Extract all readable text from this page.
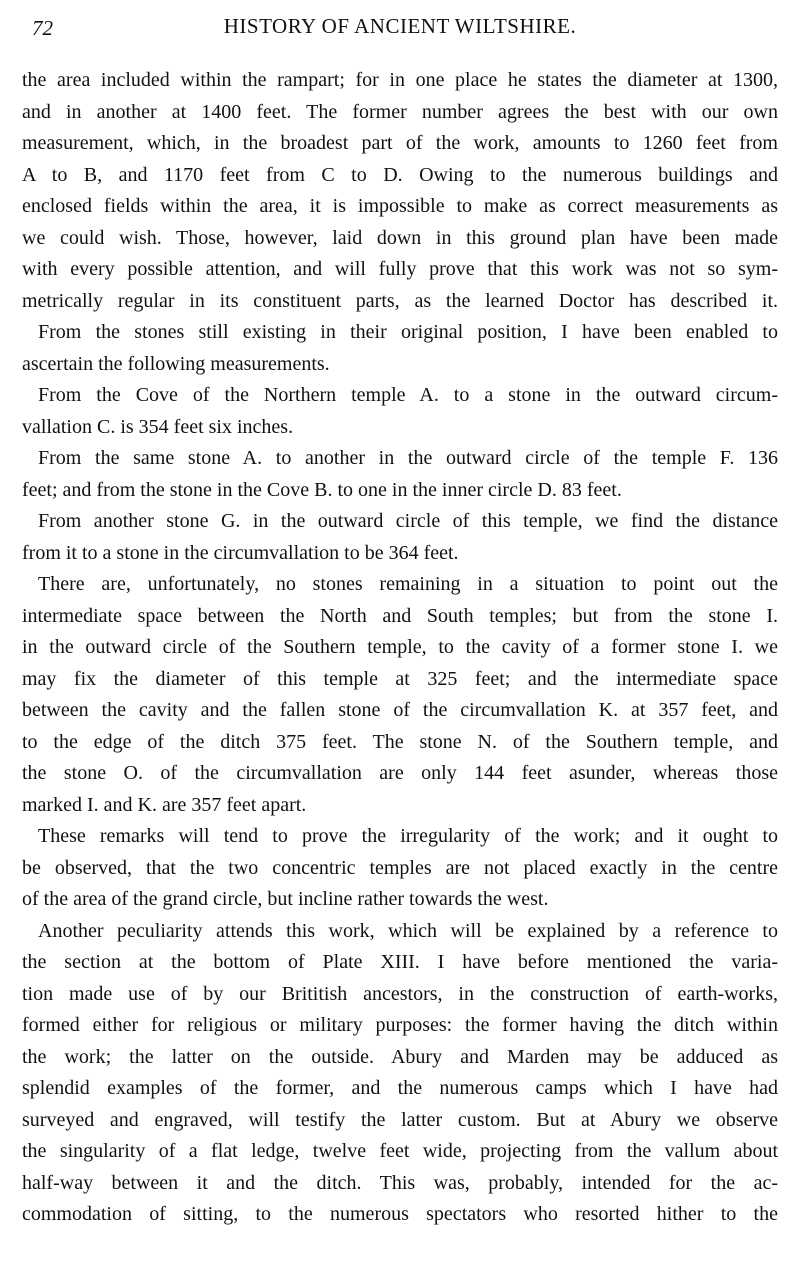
72	HISTORY OF ANCIENT WILTSHIRE.
the area included within the rampart; for in one place he states the diameter at 1300,
and in another at 1400 feet. The former number agrees the best with our own
measurement, which, in the broadest part of the work, amounts to 1260 feet from
A to B, and 1170 feet from C to D. Owing to the numerous buildings and
enclosed fields within the area, it is impossible to make as correct measurements as
we could wish. Those, however, laid down in this ground plan have been made
with every possible attention, and will fully prove that this work was not so sym-
metrically regular in its constituent parts, as the learned Doctor has described it.
From the stones still existing in their original position, I have been enabled to
ascertain the following measurements.
From the Cove of the Northern temple A. to a stone in the outward circum-
vallation C. is 354 feet six inches.
From the same stone A. to another in the outward circle of the temple F. 136
feet; and from the stone in the Cove B. to one in the inner circle D. 83 feet.
From another stone G. in the outward circle of this temple, we find the distance
from it to a stone in the circumvallation to be 364 feet.
There are, unfortunately, no stones remaining in a situation to point out the
intermediate space between the North and South temples; but from the stone I.
in the outward circle of the Southern temple, to the cavity of a former stone I. we
may fix the diameter of this temple at 325 feet; and the intermediate space
between the cavity and the fallen stone of the circumvallation K. at 357 feet, and
to the edge of the ditch 375 feet. The stone N. of the Southern temple, and
the stone O. of the circumvallation are only 144 feet asunder, whereas those
marked I. and K. are 357 feet apart.
These remarks will tend to prove the irregularity of the work; and it ought to
be observed, that the two concentric temples are not placed exactly in the centre
of the area of the grand circle, but incline rather towards the west.
Another peculiarity attends this work, which will be explained by a reference to
the section at the bottom of Plate XIII. I have before mentioned the varia-
tion made use of by our Brititish ancestors, in the construction of earth-works,
formed either for religious or military purposes: the former having the ditch within
the work; the latter on the outside. Abury and Marden may be adduced as
splendid examples of the former, and the numerous camps which I have had
surveyed and engraved, will testify the latter custom. But at Abury we observe
the singularity of a flat ledge, twelve feet wide, projecting from the vallum about
half-way between it and the ditch. This was, probably, intended for the ac-
commodation of sitting, to the numerous spectators who resorted hither to the
